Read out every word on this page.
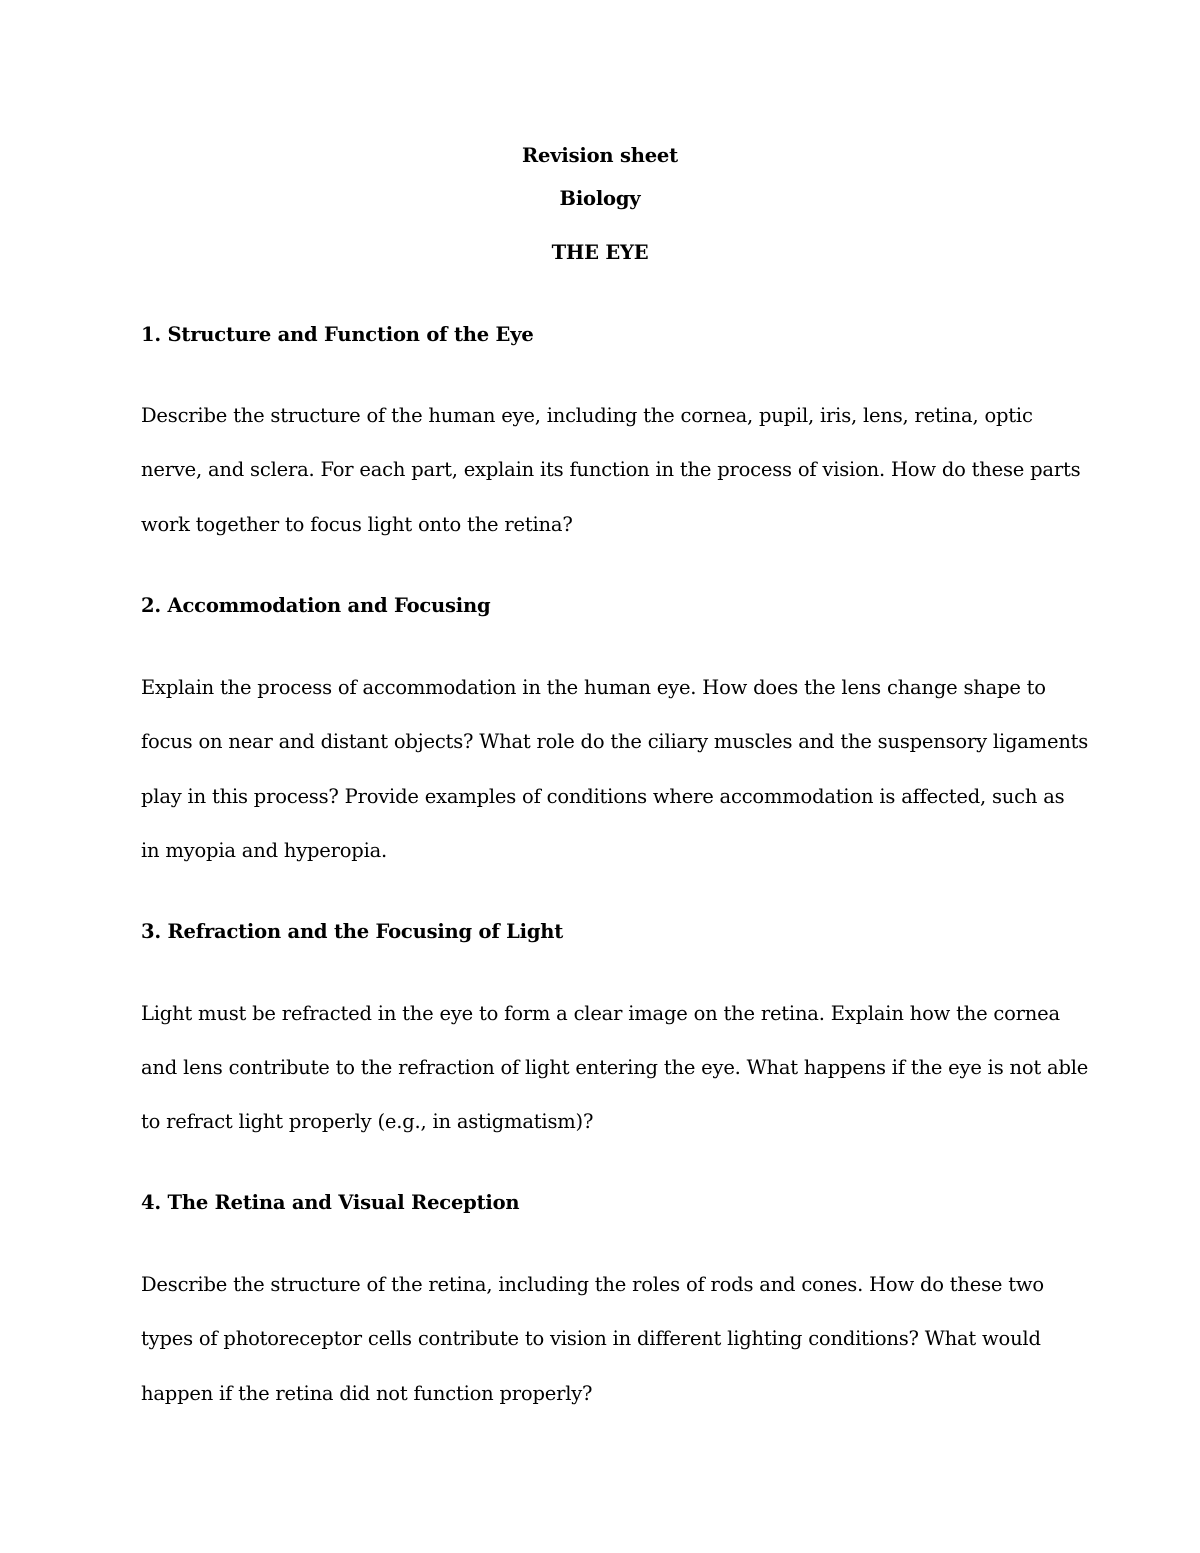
Revision sheet

Biology

THE EYE

1. Structure and Function of the Eye

Describe the structure of the human eye, including the cornea, pupil, iris, lens, retina, optic

nerve, and sclera. For each part, explain its function in the process of vision. How do these parts

work together to focus light onto the retina?

2. Accommodation and Focusing

Explain the process of accommodation in the human eye. How does the lens change shape to

focus on near and distant objects? What role do the ciliary muscles and the suspensory ligaments

play in this process? Provide examples of conditions where accommodation is affected, such as

in myopia and hyperopia.

3. Refraction and the Focusing of Light

Light must be refracted in the eye to form a clear image on the retina. Explain how the cornea

and lens contribute to the refraction of light entering the eye. What happens if the eye is not able

to refract light properly (e.g., in astigmatism)?

4. The Retina and Visual Reception

Describe the structure of the retina, including the roles of rods and cones. How do these two

types of photoreceptor cells contribute to vision in different lighting conditions? What would

happen if the retina did not function properly?
